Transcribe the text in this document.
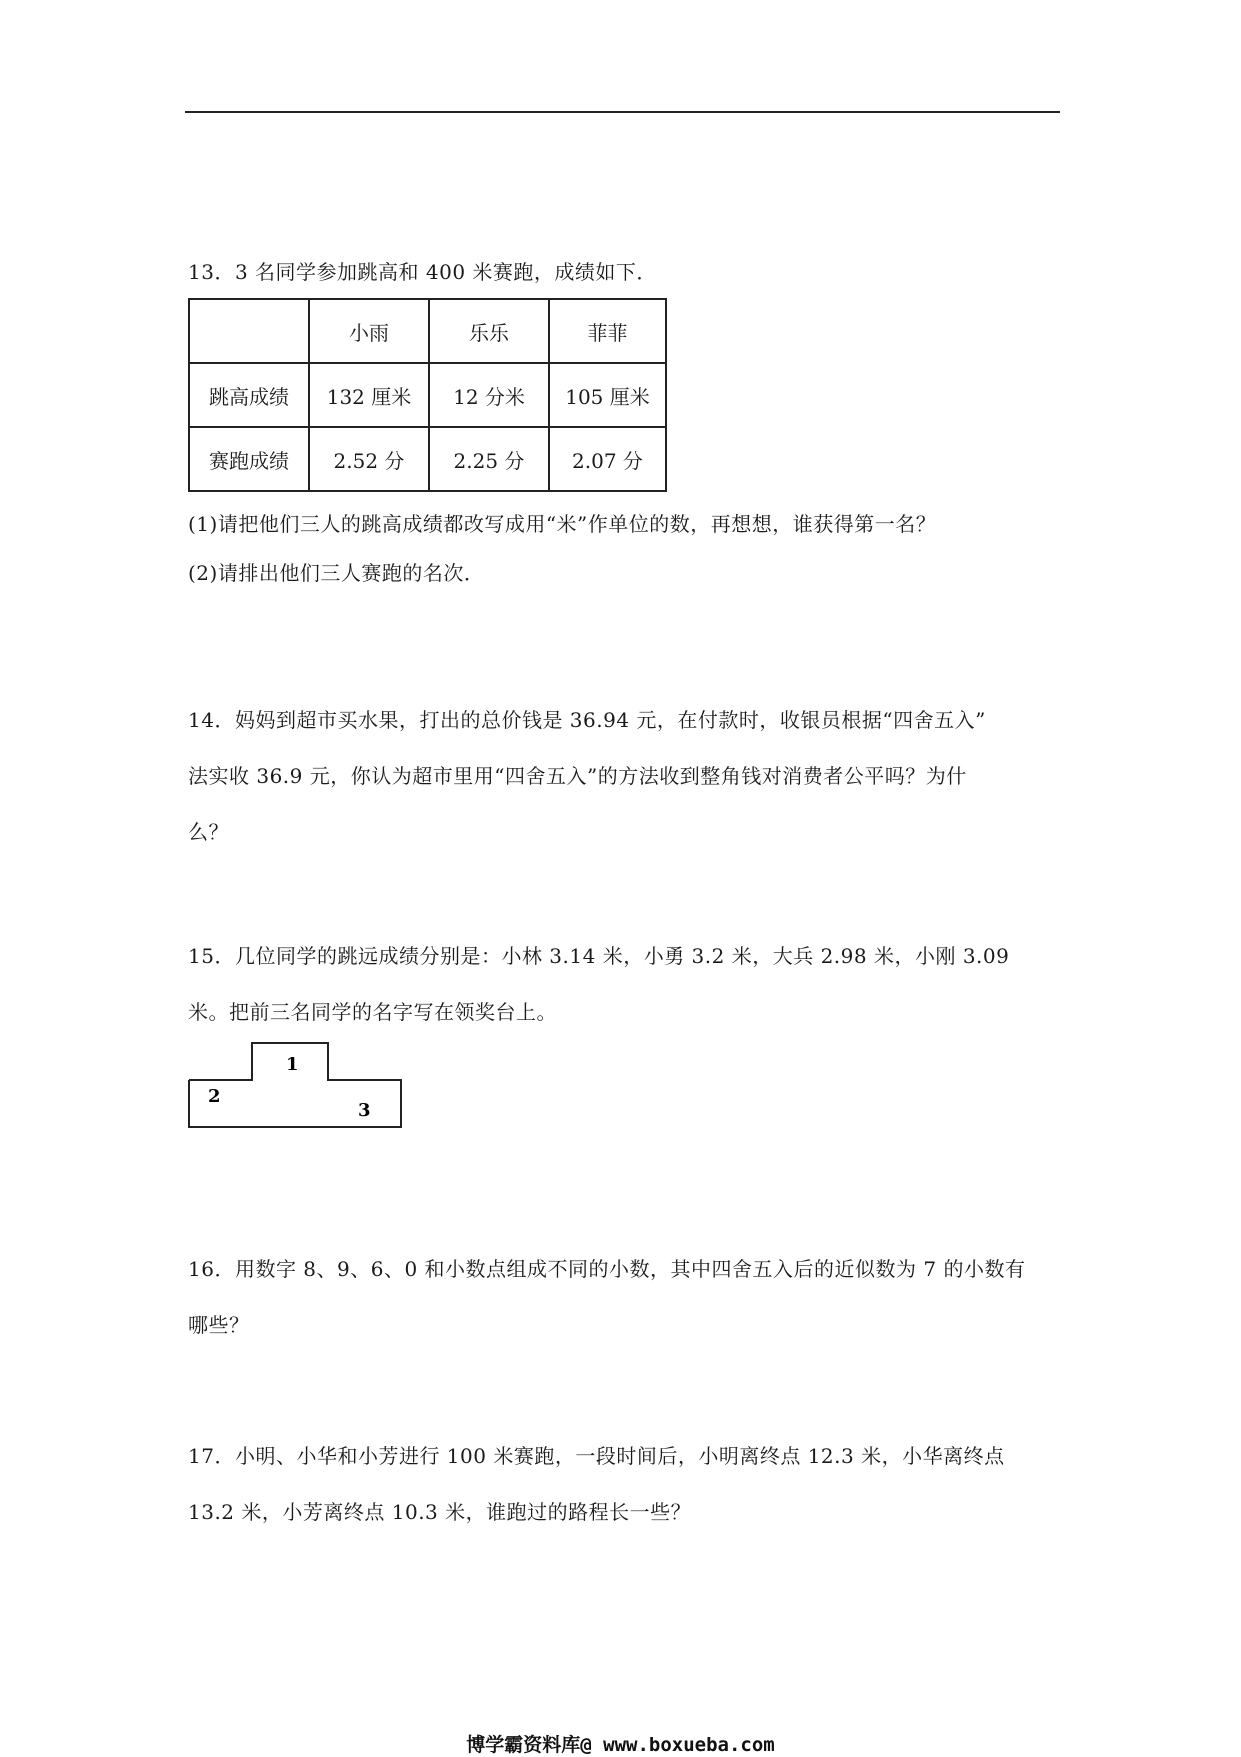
13．3 名同学参加跳高和 400 米赛跑，成绩如下．
	小雨	乐乐	菲菲
跳高成绩	132 厘米	12 分米	105 厘米
赛跑成绩	2.52 分	2.25 分	2.07 分
(1)请把他们三人的跳高成绩都改写成用“米”作单位的数，再想想，谁获得第一名？
(2)请排出他们三人赛跑的名次．
14．妈妈到超市买水果，打出的总价钱是 36.94 元，在付款时，收银员根据“四舍五入”
法实收 36.9 元，你认为超市里用“四舍五入”的方法收到整角钱对消费者公平吗？为什
么？
15．几位同学的跳远成绩分别是：小林 3.14 米，小勇 3.2 米，大兵 2.98 米，小刚 3.09
米。把前三名同学的名字写在领奖台上。
1
2
3
16．用数字 8、9、6、0 和小数点组成不同的小数，其中四舍五入后的近似数为 7 的小数有
哪些？
17．小明、小华和小芳进行 100 米赛跑，一段时间后，小明离终点 12.3 米，小华离终点
13.2 米，小芳离终点 10.3 米，谁跑过的路程长一些？
博学霸资料库@ www.boxueba.com
